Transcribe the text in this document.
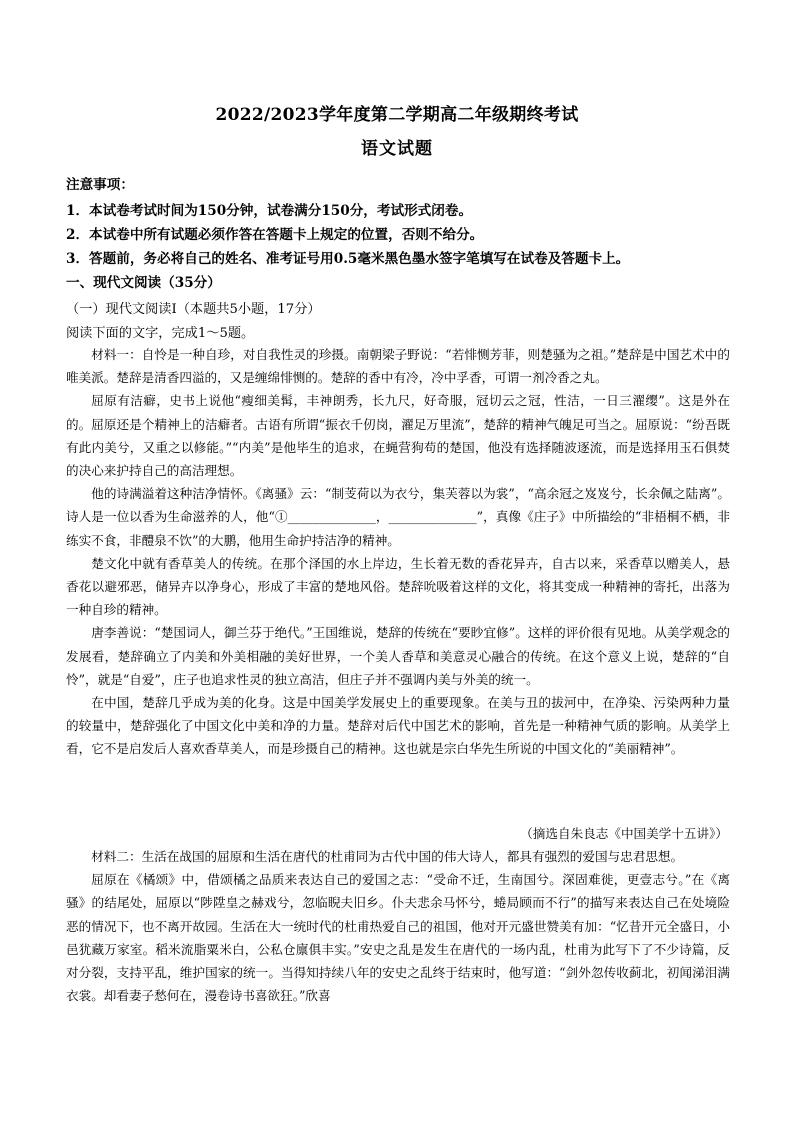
2022/2023学年度第二学期高二年级期终考试
语文试题
注意事项：
1．本试卷考试时间为150分钟，试卷满分150分，考试形式闭卷。
2．本试卷中所有试题必须作答在答题卡上规定的位置，否则不给分。
3．答题前，务必将自己的姓名、准考证号用0.5毫米黑色墨水签字笔填写在试卷及答题卡上。
一、现代文阅读（35分）
（一）现代文阅读Ⅰ（本题共5小题，17分）
阅读下面的文字，完成1～5题。

材料一：自怜是一种自珍，对自我性灵的珍摄。南朝梁子野说：“若悱恻芳菲，则楚骚为之祖。”楚辞是中国艺术中的唯美派。楚辞是清香四溢的，又是缠绵悱恻的。楚辞的香中有冷，冷中孚香，可谓一剂冷香之丸。

屈原有洁癖，史书上说他“瘦细美髯，丰神朗秀，长九尺，好奇服，冠切云之冠，性洁，一日三濯缨”。这是外在的。屈原还是个精神上的洁癖者。古语有所谓“振衣千仞岗，濯足万里流”，楚辞的精神气魄足可当之。屈原说：“纷吾既有此内美兮，又重之以修能。”“内美”是他毕生的追求，在蝇营狗苟的楚国，他没有选择随波逐流，而是选择用玉石俱焚的决心来护持自己的高洁理想。

他的诗满溢着这种洁净情怀。《离骚》云：“制芰荷以为衣兮，集芙蓉以为裳”，“高余冠之岌岌兮，长余佩之陆离”。诗人是一位以香为生命滋养的人，他“①______________，______________”，真像《庄子》中所描绘的“非梧桐不栖，非练实不食，非醴泉不饮”的大鹏，他用生命护持洁净的精神。

楚文化中就有香草美人的传统。在那个泽国的水上岸边，生长着无数的香花异卉，自古以来，采香草以赠美人，悬香花以避邪恶，储异卉以净身心，形成了丰富的楚地风俗。楚辞吮吸着这样的文化，将其变成一种精神的寄托，出落为一种自珍的精神。

唐李善说：“楚国词人，御兰芬于绝代。”王国维说，楚辞的传统在“要眇宜修”。这样的评价很有见地。从美学观念的发展看，楚辞确立了内美和外美相融的美好世界，一个美人香草和美意灵心融合的传统。在这个意义上说，楚辞的“自怜”，就是“自爱”，庄子也追求性灵的独立高洁，但庄子并不强调内美与外美的统一。

在中国，楚辞几乎成为美的化身。这是中国美学发展史上的重要现象。在美与丑的拔河中，在净染、污染两种力量的较量中，楚辞强化了中国文化中美和净的力量。楚辞对后代中国艺术的影响，首先是一种精神气质的影响。从美学上看，它不是启发后人喜欢香草美人，而是珍摄自己的精神。这也就是宗白华先生所说的中国文化的“美丽精神”。

（摘选自朱良志《中国美学十五讲》）

材料二：生活在战国的屈原和生活在唐代的杜甫同为古代中国的伟大诗人，都具有强烈的爱国与忠君思想。

屈原在《橘颂》中，借颂橘之品质来表达自己的爱国之志：“受命不迁，生南国兮。深固难徙，更壹志兮。”在《离骚》的结尾处，屈原以“陟陞皇之赫戏兮，忽临睨夫旧乡。仆夫悲余马怀兮，蜷局顾而不行”的描写来表达自己在处境险恶的情况下，也不离开故园。生活在大一统时代的杜甫热爱自己的祖国，他对开元盛世赞美有加：“忆昔开元全盛日，小邑犹藏万家室。稻米流脂粟米白，公私仓廪俱丰实。”安史之乱是发生在唐代的一场内乱，杜甫为此写下了不少诗篇，反对分裂，支持平乱，维护国家的统一。当得知持续八年的安史之乱终于结束时，他写道：“剑外忽传收蓟北，初闻涕泪满衣裳。却看妻子愁何在，漫卷诗书喜欲狂。”欣喜
